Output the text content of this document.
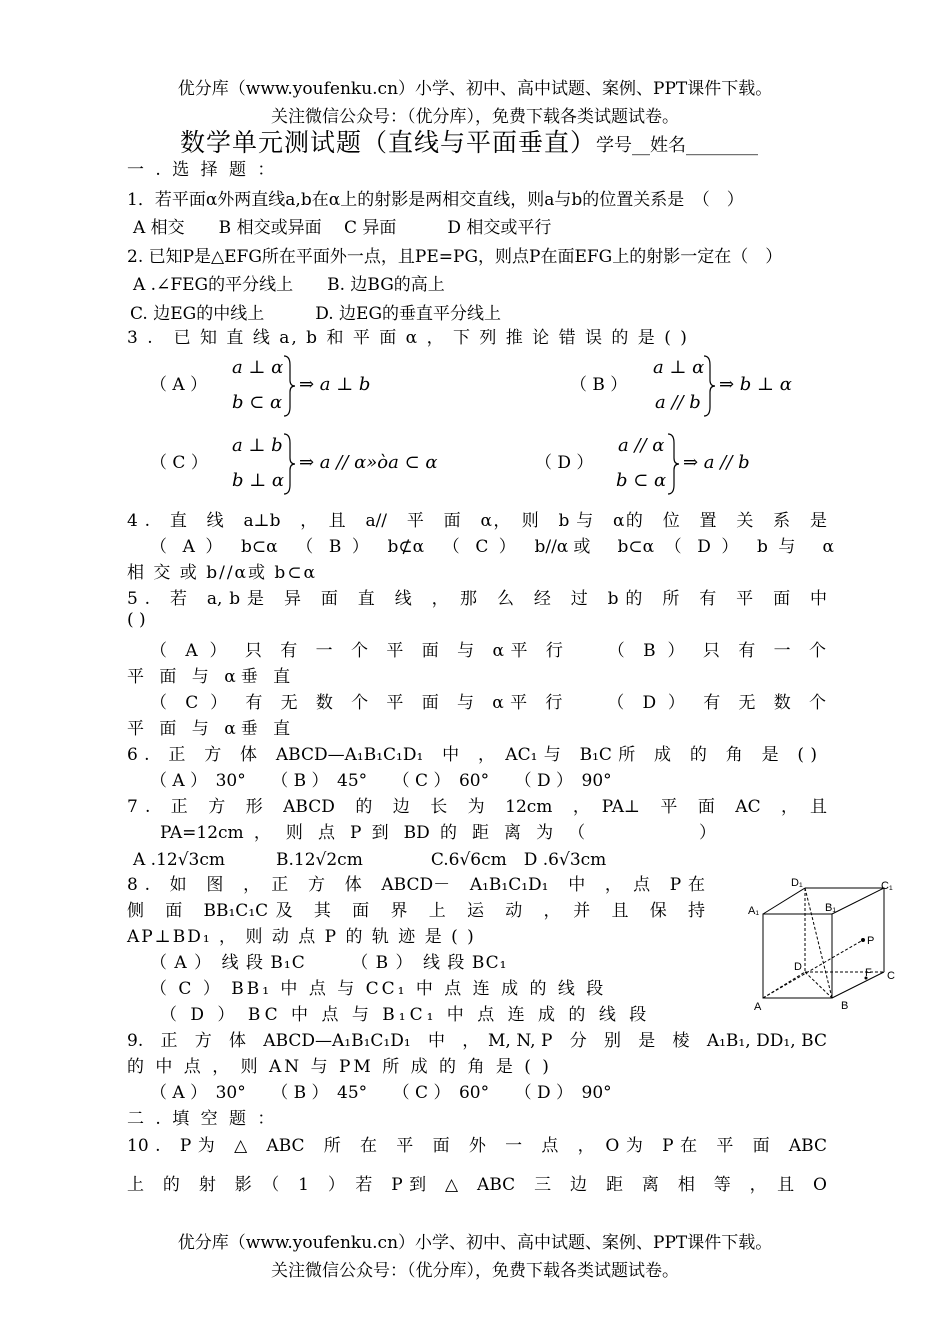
优分库（www.youfenku.cn）小学、初中、高中试题、案例、PPT课件下载。
关注微信公众号：（优分库），免费下载各类试题试卷。
数学单元测试题（直线与平面垂直）学号__姓名________
一 . 选 择 题 ：
1．若平面α外两直线a,b在α上的射影是两相交直线，则a与b的位置关系是　（　）
A 相交　　B 相交或异面　 C 异面　　　D 相交或平行
2. 已知P是△EFG所在平面外一点，且PE=PG，则点P在面EFG上的射影一定在（　）
A .∠FEG的平分线上　　B. 边BG的高上
C. 边EG的中线上　　　D. 边EG的垂直平分线上
3 .　已 知 直 线 a, b 和 平 面 α ， 下 列 推 论 错 误 的 是 ( )
（ A ）
a ⊥ α
b ⊂ α
⇒ a ⊥ b	（ B ）
a ⊥ α
a // b
⇒ b ⊥ α
（ C ）
a ⊥ b
b ⊥ α
⇒ a // α»òa ⊂ α	（ D ）
a // α
b ⊂ α
⇒ a // b
4 .　直　线　a⊥b　，　且　a//　平　面　α，　则　b 与　α的　位　置　关　系　是
（ A ）　b⊂α　（ B ）　b⊄α　（ C ）　b//α或　b⊂α （ D ）　b 与　α
相 交 或 b//α或 b⊂α
5 .　若　a, b 是　异　面　直　线　，　那　么　经　过　b 的　所　有　平　面　中
( )
（ A ） 只 有 一 个 平 面 与 α平 行　　（ B ） 只 有 一 个
平 面 与 α垂 直
（ C ） 有 无 数 个 平 面 与 α平 行　　（ D ） 有 无 数 个
平 面 与 α垂 直
6 .　正　方　体　ABCD—A₁B₁C₁D₁　中　，　AC₁ 与　B₁C 所　成　的　角　是　( )
（ A ）　30°　　（ B ）　45°　　（ C ）　60°　　（ D ）　90°
7 .　正　方　形　ABCD　的　边　长　为　12cm　，　PA⊥　平　面　AC　，　且
PA=12cm ， 则 点 P 到 BD 的 距 离 为 （　　　　　）
A .12√3cm　　　B.12√2cm　　　　C.6√6cm　D .6√3cm
8 .　如　图　，　正　方　体　ABCD－　A₁B₁C₁D₁　中　，　点　P 在
侧　面　BB₁C₁C 及　其　面　界　上　运　动　，　并　且　保　持
AP⊥BD₁ ， 则 动 点 P 的 轨 迹 是 ( )
（ A ）　线 段 B₁C　　　（ B ）　线 段 BC₁
（ C ） BB₁ 中 点 与 CC₁ 中 点 连 成 的 线 段
（ D ） BC 中 点 与 B₁C₁ 中 点 连 成 的 线 段
D₁	C₁
A₁	B₁
P
D	F C
A	B
9.　正　方　体　ABCD—A₁B₁C₁D₁　中　，　M, N, P　分　别　是　棱　A₁B₁, DD₁, BC
的 中 点 ， 则 AN 与 PM 所 成 的 角 是 ( )
（ A ）　30°　　（ B ）　45°　　（ C ）　60°　　（ D ）　90°
二 . 填 空 题 ：
10 .　P 为　△　ABC　所　在　平　面　外　一　点　，　O 为　P 在　平　面　ABC
上　的　射　影　（　1　）　若　P 到　△　ABC　三　边　距　离　相　等　，　且　O
优分库（www.youfenku.cn）小学、初中、高中试题、案例、PPT课件下载。
关注微信公众号：（优分库），免费下载各类试题试卷。
